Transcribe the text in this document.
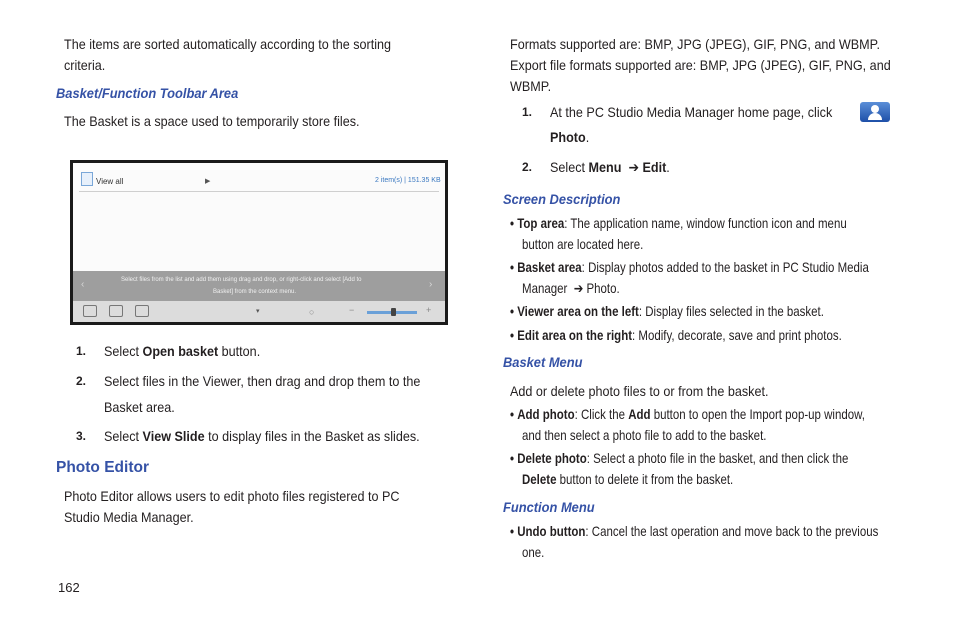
The items are sorted automatically according to the sorting
criteria.
Basket/Function Toolbar Area
The Basket is a space used to temporarily store files.
View all	▶	2 item(s) | 151.35 KB
‹	›
Select files from the list and add them using drag and drop, or right-click and select [Add to
Basket] from the context menu.
▾	○	−	+
1. Select Open basket button.
2. Select files in the Viewer, then drag and drop them to the
Basket area.
3. Select View Slide to display files in the Basket as slides.
Photo Editor
Photo Editor allows users to edit photo files registered to PC
Studio Media Manager.
Formats supported are: BMP, JPG (JPEG), GIF, PNG, and WBMP.
Export file formats supported are: BMP, JPG (JPEG), GIF, PNG, and
WBMP.
1. At the PC Studio Media Manager home page, click
Photo.
2. Select Menu ➔ Edit.
Screen Description
• Top area: The application name, window function icon and menu
button are located here.
• Basket area: Display photos added to the basket in PC Studio Media
Manager ➔ Photo.
• Viewer area on the left: Display files selected in the basket.
• Edit area on the right: Modify, decorate, save and print photos.
Basket Menu
Add or delete photo files to or from the basket.
• Add photo: Click the Add button to open the Import pop-up window,
and then select a photo file to add to the basket.
• Delete photo: Select a photo file in the basket, and then click the
Delete button to delete it from the basket.
Function Menu
• Undo button: Cancel the last operation and move back to the previous
one.
162
